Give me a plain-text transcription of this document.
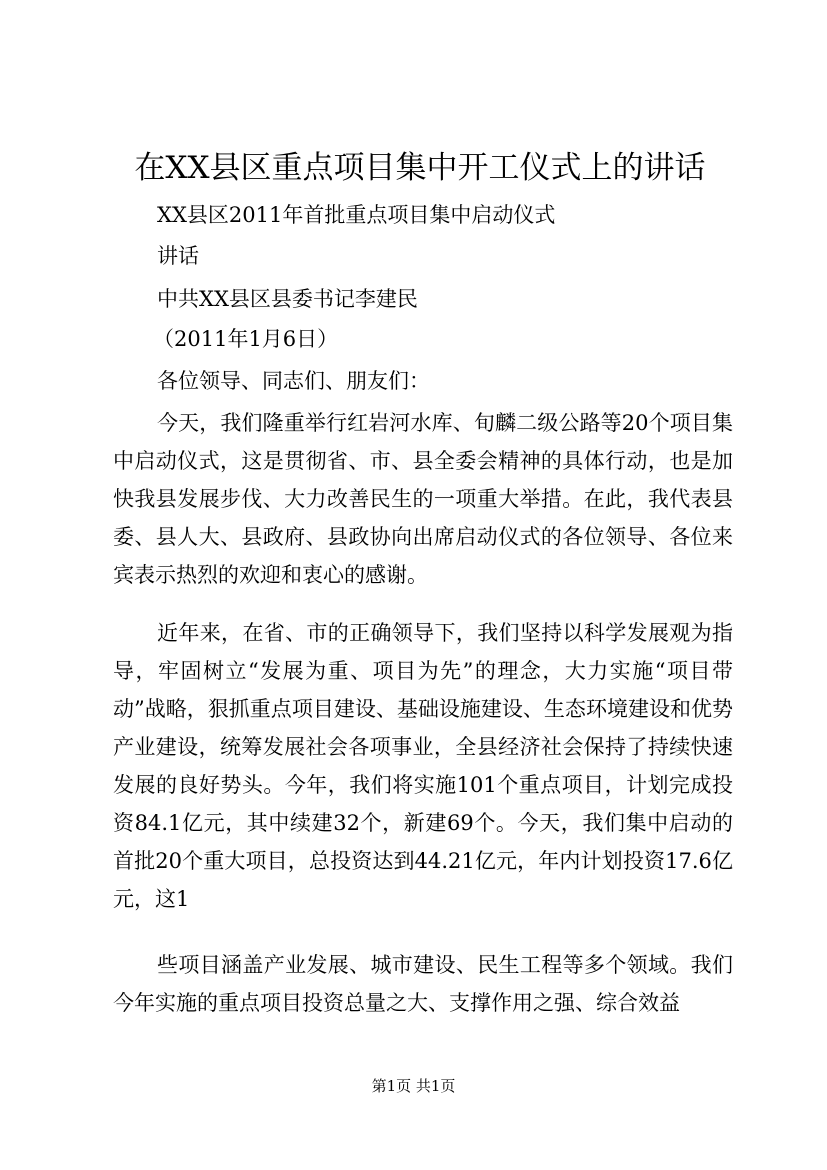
在XX县区重点项目集中开工仪式上的讲话

XX县区2011年首批重点项目集中启动仪式

讲话

中共XX县区县委书记李建民

（2011年1月6日）

各位领导、同志们、朋友们：

今天，我们隆重举行红岩河水库、旬麟二级公路等20个项目集中启动仪式，这是贯彻省、市、县全委会精神的具体行动，也是加快我县发展步伐、大力改善民生的一项重大举措。在此，我代表县委、县人大、县政府、县政协向出席启动仪式的各位领导、各位来宾表示热烈的欢迎和衷心的感谢。

近年来，在省、市的正确领导下，我们坚持以科学发展观为指导，牢固树立“发展为重、项目为先”的理念，大力实施“项目带动”战略，狠抓重点项目建设、基础设施建设、生态环境建设和优势产业建设，统筹发展社会各项事业，全县经济社会保持了持续快速发展的良好势头。今年，我们将实施101个重点项目，计划完成投资84.1亿元，其中续建32个，新建69个。今天，我们集中启动的首批20个重大项目，总投资达到44.21亿元，年内计划投资17.6亿元，这1

些项目涵盖产业发展、城市建设、民生工程等多个领域。我们今年实施的重点项目投资总量之大、支撑作用之强、综合效益

第1页 共1页
